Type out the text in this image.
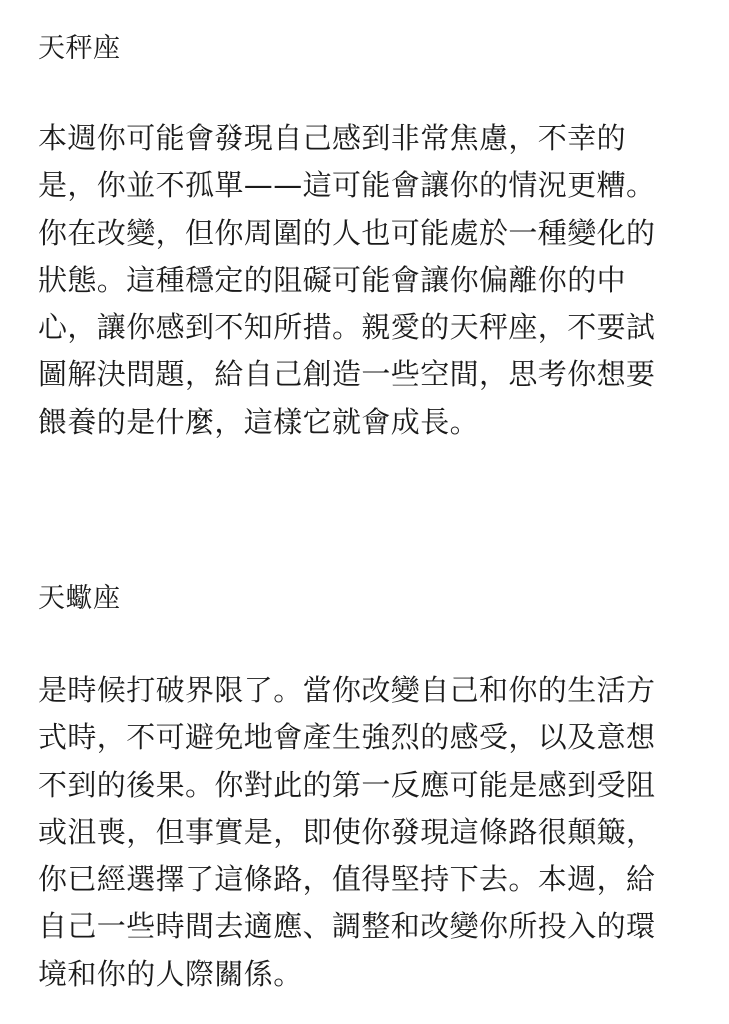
天秤座
本週你可能會發現自己感到非常焦慮，不幸的
是，你並不孤單——這可能會讓你的情況更糟。
你在改變，但你周圍的人也可能處於一種變化的
狀態。這種穩定的阻礙可能會讓你偏離你的中
心，讓你感到不知所措。親愛的天秤座，不要試
圖解決問題，給自己創造一些空間，思考你想要
餵養的是什麼，這樣它就會成長。
天蠍座
是時候打破界限了。當你改變自己和你的生活方
式時，不可避免地會產生強烈的感受，以及意想
不到的後果。你對此的第一反應可能是感到受阻
或沮喪，但事實是，即使你發現這條路很顛簸，
你已經選擇了這條路，值得堅持下去。本週，給
自己一些時間去適應、調整和改變你所投入的環
境和你的人際關係。
